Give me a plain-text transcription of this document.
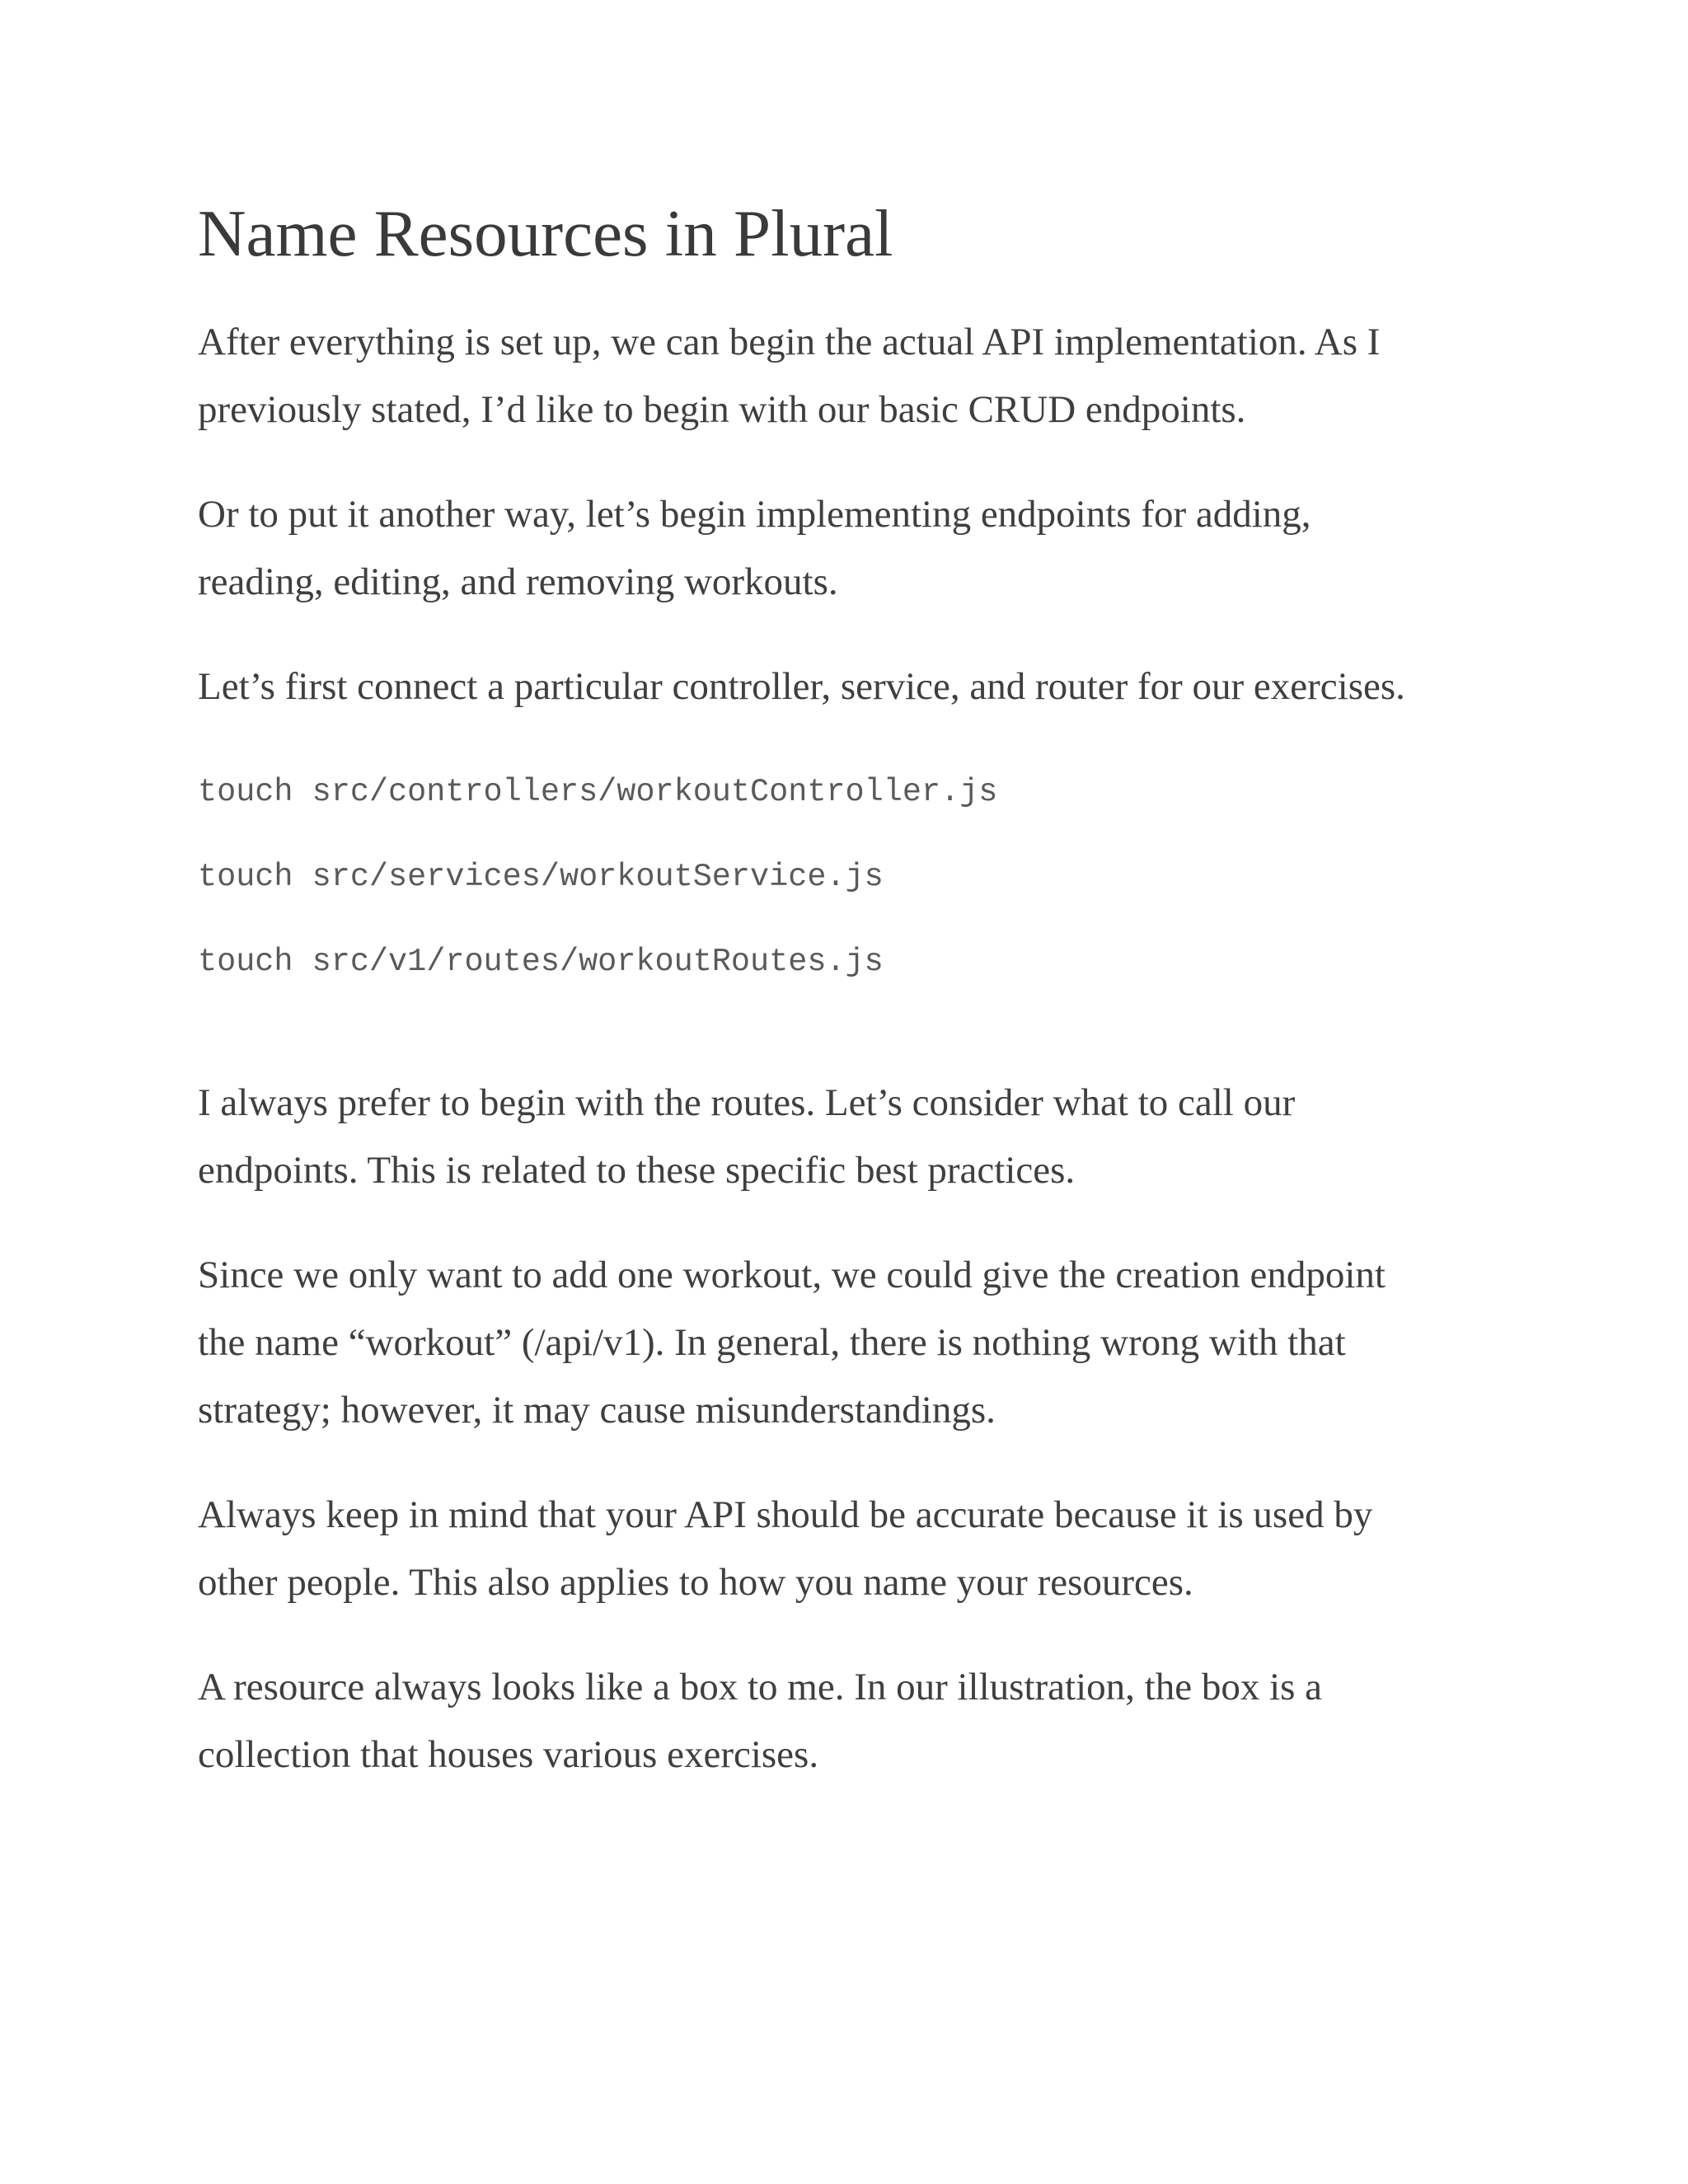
Name Resources in Plural

After everything is set up, we can begin the actual API implementation. As I
previously stated, I’d like to begin with our basic CRUD endpoints.

Or to put it another way, let’s begin implementing endpoints for adding,
reading, editing, and removing workouts.

Let’s first connect a particular controller, service, and router for our exercises.

touch src/controllers/workoutController.js
touch src/services/workoutService.js
touch src/v1/routes/workoutRoutes.js

I always prefer to begin with the routes. Let’s consider what to call our
endpoints. This is related to these specific best practices.

Since we only want to add one workout, we could give the creation endpoint
the name “workout” (/api/v1). In general, there is nothing wrong with that
strategy; however, it may cause misunderstandings.

Always keep in mind that your API should be accurate because it is used by
other people. This also applies to how you name your resources.

A resource always looks like a box to me. In our illustration, the box is a
collection that houses various exercises.
